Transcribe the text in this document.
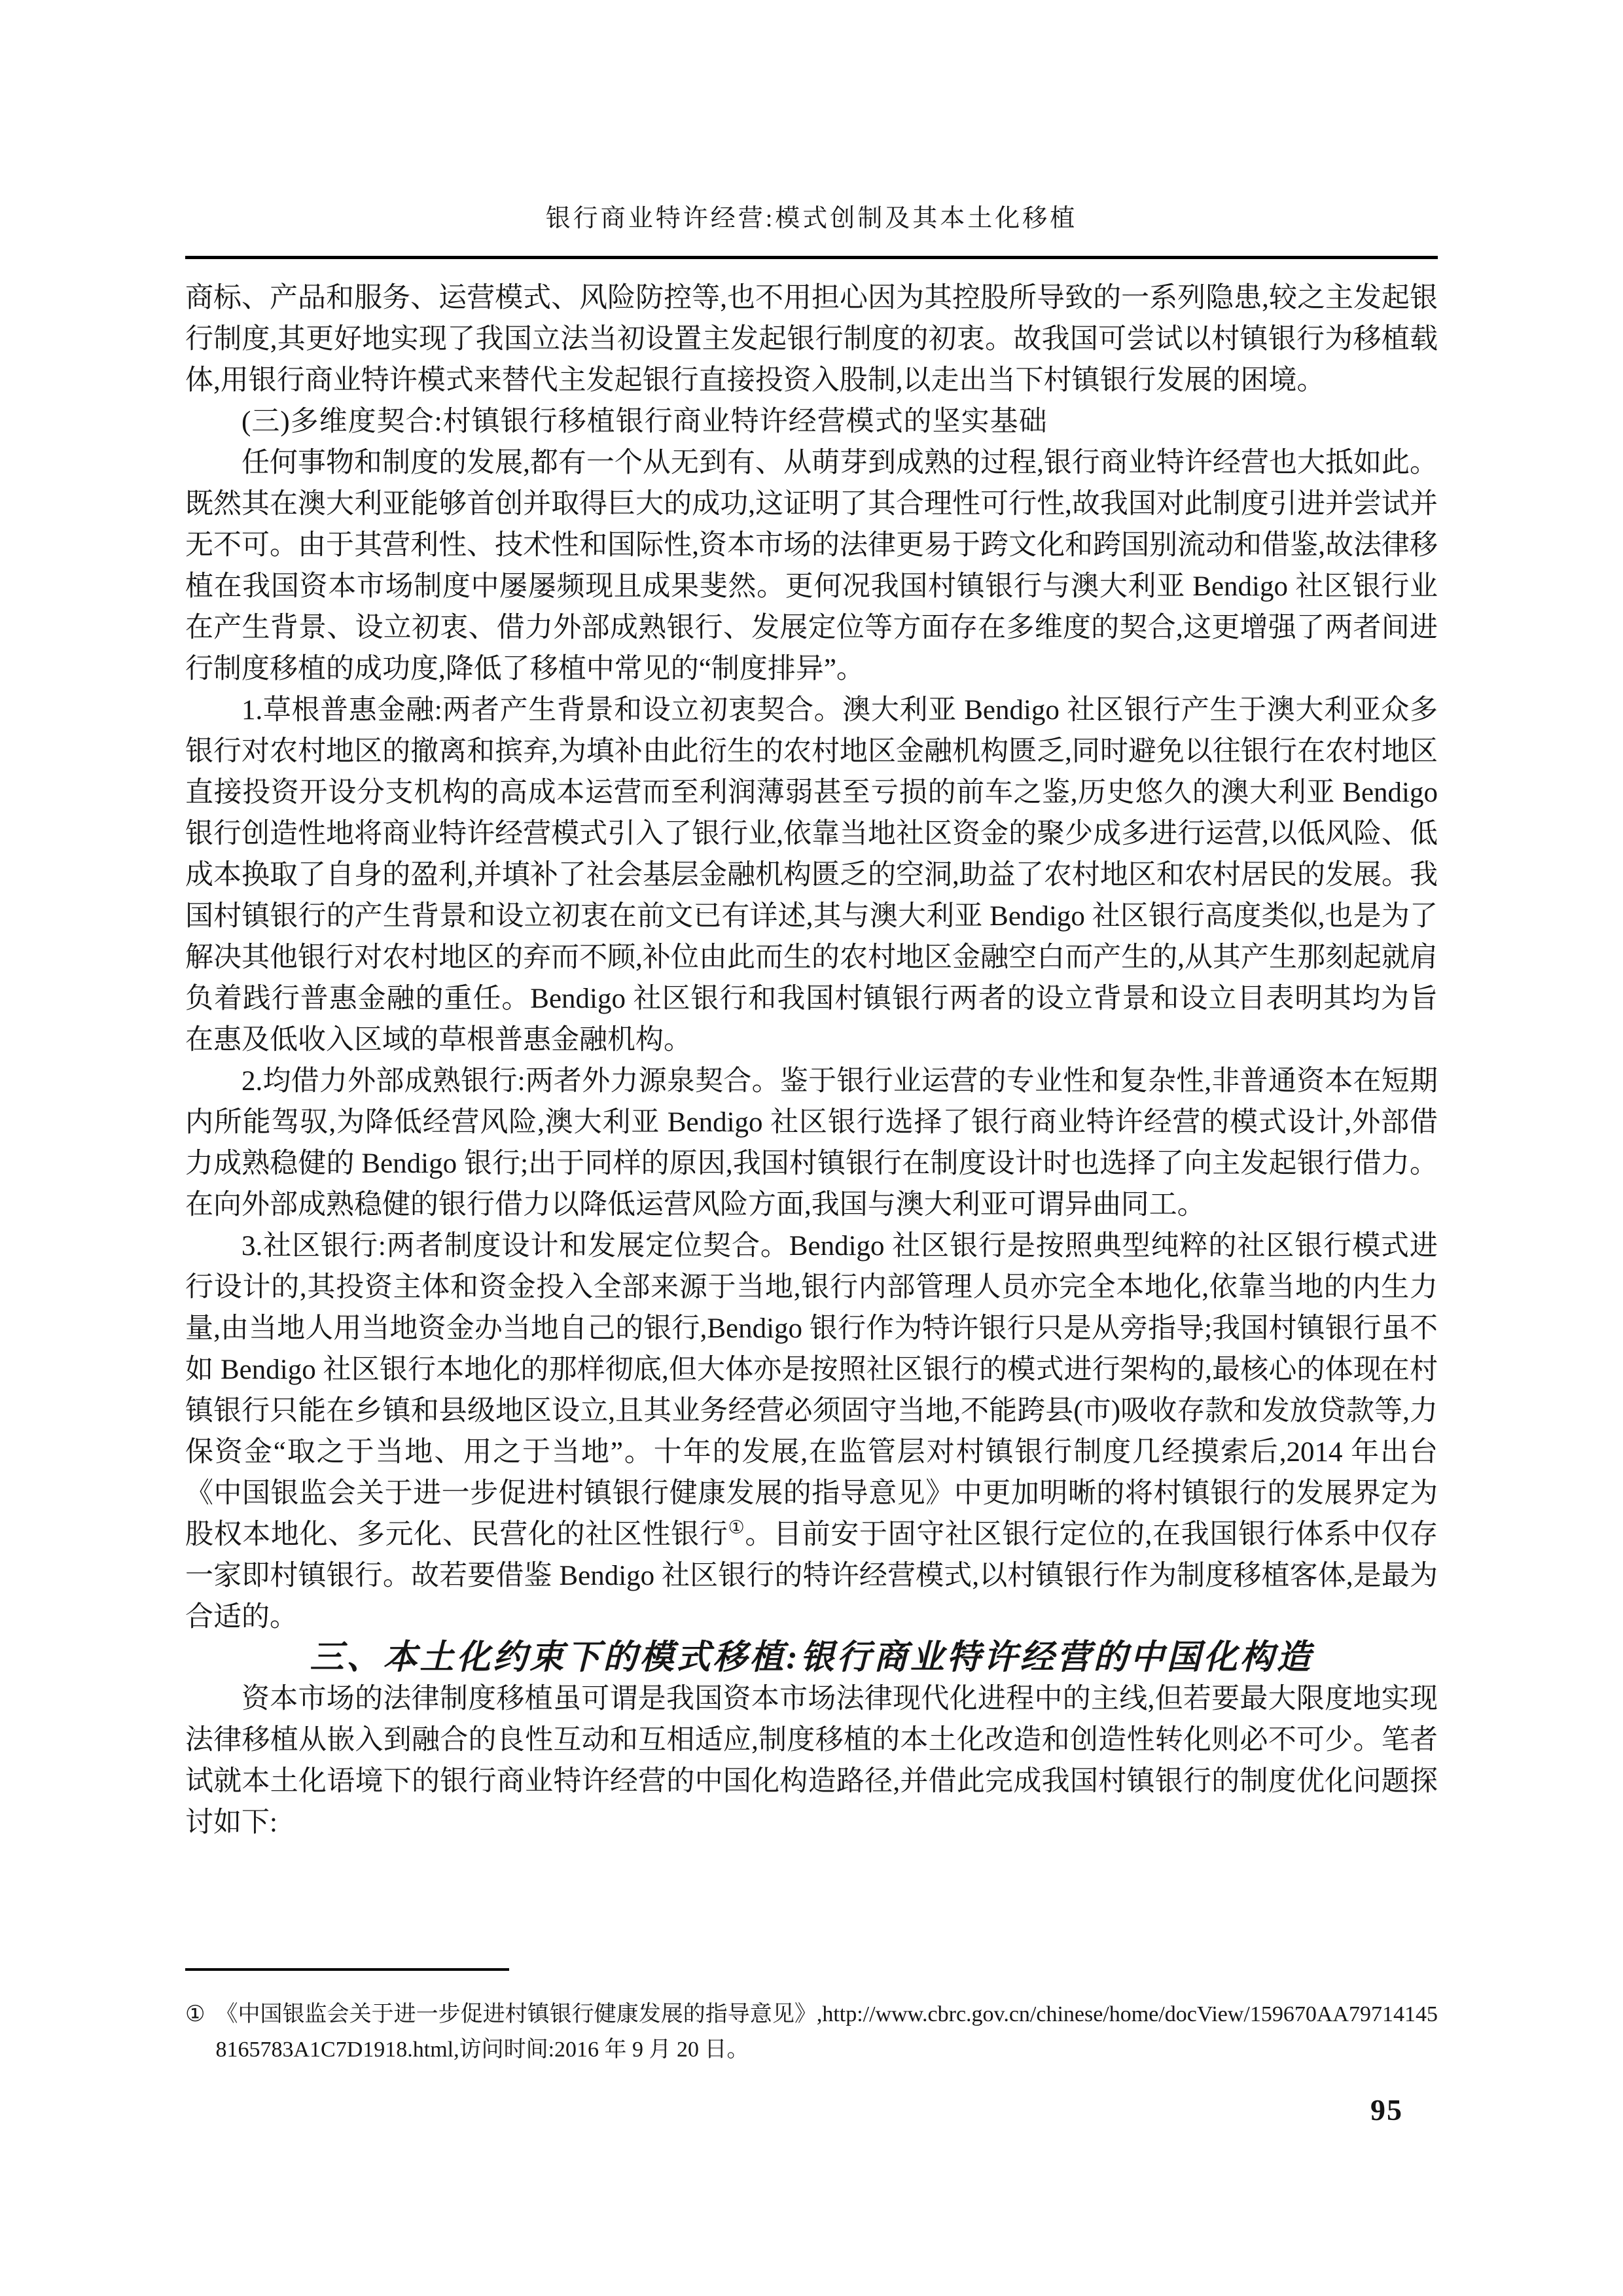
银行商业特许经营:模式创制及其本土化移植

商标、产品和服务、运营模式、风险防控等,也不用担心因为其控股所导致的一系列隐患,较之主发起银行制度,其更好地实现了我国立法当初设置主发起银行制度的初衷。故我国可尝试以村镇银行为移植载体,用银行商业特许模式来替代主发起银行直接投资入股制,以走出当下村镇银行发展的困境。

(三)多维度契合:村镇银行移植银行商业特许经营模式的坚实基础

任何事物和制度的发展,都有一个从无到有、从萌芽到成熟的过程,银行商业特许经营也大抵如此。既然其在澳大利亚能够首创并取得巨大的成功,这证明了其合理性可行性,故我国对此制度引进并尝试并无不可。由于其营利性、技术性和国际性,资本市场的法律更易于跨文化和跨国别流动和借鉴,故法律移植在我国资本市场制度中屡屡频现且成果斐然。更何况我国村镇银行与澳大利亚 Bendigo 社区银行业在产生背景、设立初衷、借力外部成熟银行、发展定位等方面存在多维度的契合,这更增强了两者间进行制度移植的成功度,降低了移植中常见的“制度排异”。

1.草根普惠金融:两者产生背景和设立初衷契合。澳大利亚 Bendigo 社区银行产生于澳大利亚众多银行对农村地区的撤离和摈弃,为填补由此衍生的农村地区金融机构匮乏,同时避免以往银行在农村地区直接投资开设分支机构的高成本运营而至利润薄弱甚至亏损的前车之鉴,历史悠久的澳大利亚 Bendigo 银行创造性地将商业特许经营模式引入了银行业,依靠当地社区资金的聚少成多进行运营,以低风险、低成本换取了自身的盈利,并填补了社会基层金融机构匮乏的空洞,助益了农村地区和农村居民的发展。我国村镇银行的产生背景和设立初衷在前文已有详述,其与澳大利亚 Bendigo 社区银行高度类似,也是为了解决其他银行对农村地区的弃而不顾,补位由此而生的农村地区金融空白而产生的,从其产生那刻起就肩负着践行普惠金融的重任。Bendigo 社区银行和我国村镇银行两者的设立背景和设立目表明其均为旨在惠及低收入区域的草根普惠金融机构。

2.均借力外部成熟银行:两者外力源泉契合。鉴于银行业运营的专业性和复杂性,非普通资本在短期内所能驾驭,为降低经营风险,澳大利亚 Bendigo 社区银行选择了银行商业特许经营的模式设计,外部借力成熟稳健的 Bendigo 银行;出于同样的原因,我国村镇银行在制度设计时也选择了向主发起银行借力。在向外部成熟稳健的银行借力以降低运营风险方面,我国与澳大利亚可谓异曲同工。

3.社区银行:两者制度设计和发展定位契合。Bendigo 社区银行是按照典型纯粹的社区银行模式进行设计的,其投资主体和资金投入全部来源于当地,银行内部管理人员亦完全本地化,依靠当地的内生力量,由当地人用当地资金办当地自己的银行,Bendigo 银行作为特许银行只是从旁指导;我国村镇银行虽不如 Bendigo 社区银行本地化的那样彻底,但大体亦是按照社区银行的模式进行架构的,最核心的体现在村镇银行只能在乡镇和县级地区设立,且其业务经营必须固守当地,不能跨县(市)吸收存款和发放贷款等,力保资金“取之于当地、用之于当地”。十年的发展,在监管层对村镇银行制度几经摸索后,2014 年出台《中国银监会关于进一步促进村镇银行健康发展的指导意见》中更加明晰的将村镇银行的发展界定为股权本地化、多元化、民营化的社区性银行①。目前安于固守社区银行定位的,在我国银行体系中仅存一家即村镇银行。故若要借鉴 Bendigo 社区银行的特许经营模式,以村镇银行作为制度移植客体,是最为合适的。

三、本土化约束下的模式移植:银行商业特许经营的中国化构造

资本市场的法律制度移植虽可谓是我国资本市场法律现代化进程中的主线,但若要最大限度地实现法律移植从嵌入到融合的良性互动和互相适应,制度移植的本土化改造和创造性转化则必不可少。笔者试就本土化语境下的银行商业特许经营的中国化构造路径,并借此完成我国村镇银行的制度优化问题探讨如下:

① 《中国银监会关于进一步促进村镇银行健康发展的指导意见》,http://www.cbrc.gov.cn/chinese/home/docView/159670AA797141458165783A1C7D1918.html,访问时间:2016 年 9 月 20 日。
95
